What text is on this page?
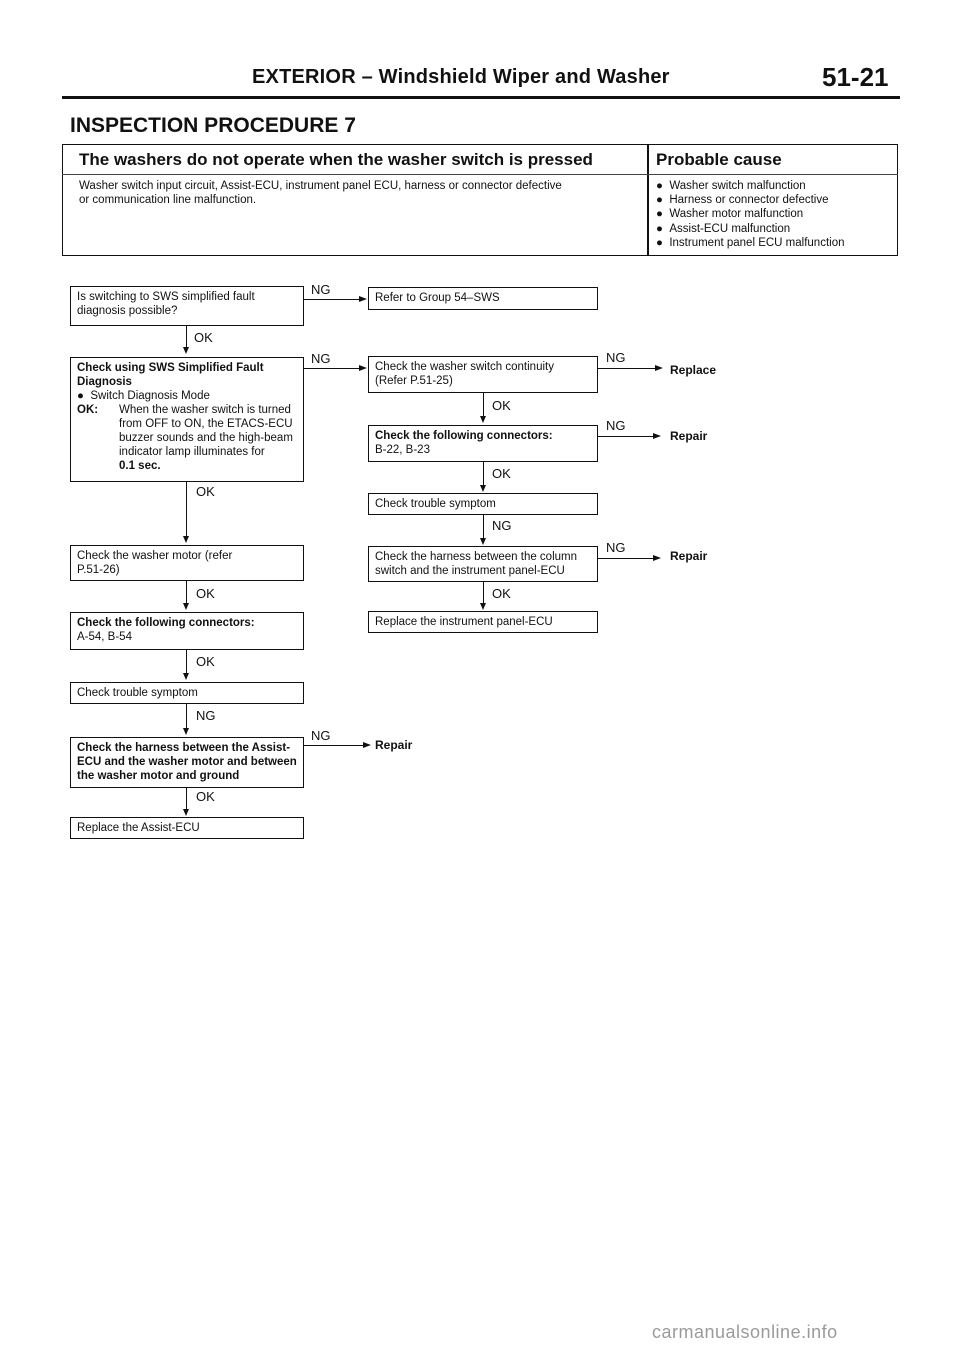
EXTERIOR – Windshield Wiper and Washer	51-21
INSPECTION PROCEDURE 7
The washers do not operate when the washer switch is pressed	Probable cause
Washer switch input circuit, Assist-ECU, instrument panel ECU, harness or connector defective
or communication line malfunction.
●  Washer switch malfunction
●  Harness or connector defective
●  Washer motor malfunction
●  Assist-ECU malfunction
●  Instrument panel ECU malfunction
Is switching to SWS simplified fault
diagnosis possible?
OK
Check using SWS Simplified Fault
Diagnosis
●  Switch Diagnosis Mode
OK:	When the washer switch is turned
from OFF to ON, the ETACS-ECU
buzzer sounds and the high-beam
indicator lamp illuminates for
0.1 sec.
OK
Check the washer motor (refer
P.51-26)
OK
Check the following connectors:
A-54, B-54
OK
Check trouble symptom
NG
Check the harness between the Assist-
ECU and the washer motor and between
the washer motor and ground
OK
Replace the Assist-ECU
NG
NG
NG
Repair
Refer to Group 54–SWS
Check the washer switch continuity
(Refer P.51-25)
OK
Check the following connectors:
B-22, B-23
OK
Check trouble symptom
NG
Check the harness between the column
switch and the instrument panel-ECU
OK
Replace the instrument panel-ECU
NG
Replace
NG
Repair
NG
Repair
carmanualsonline.info
